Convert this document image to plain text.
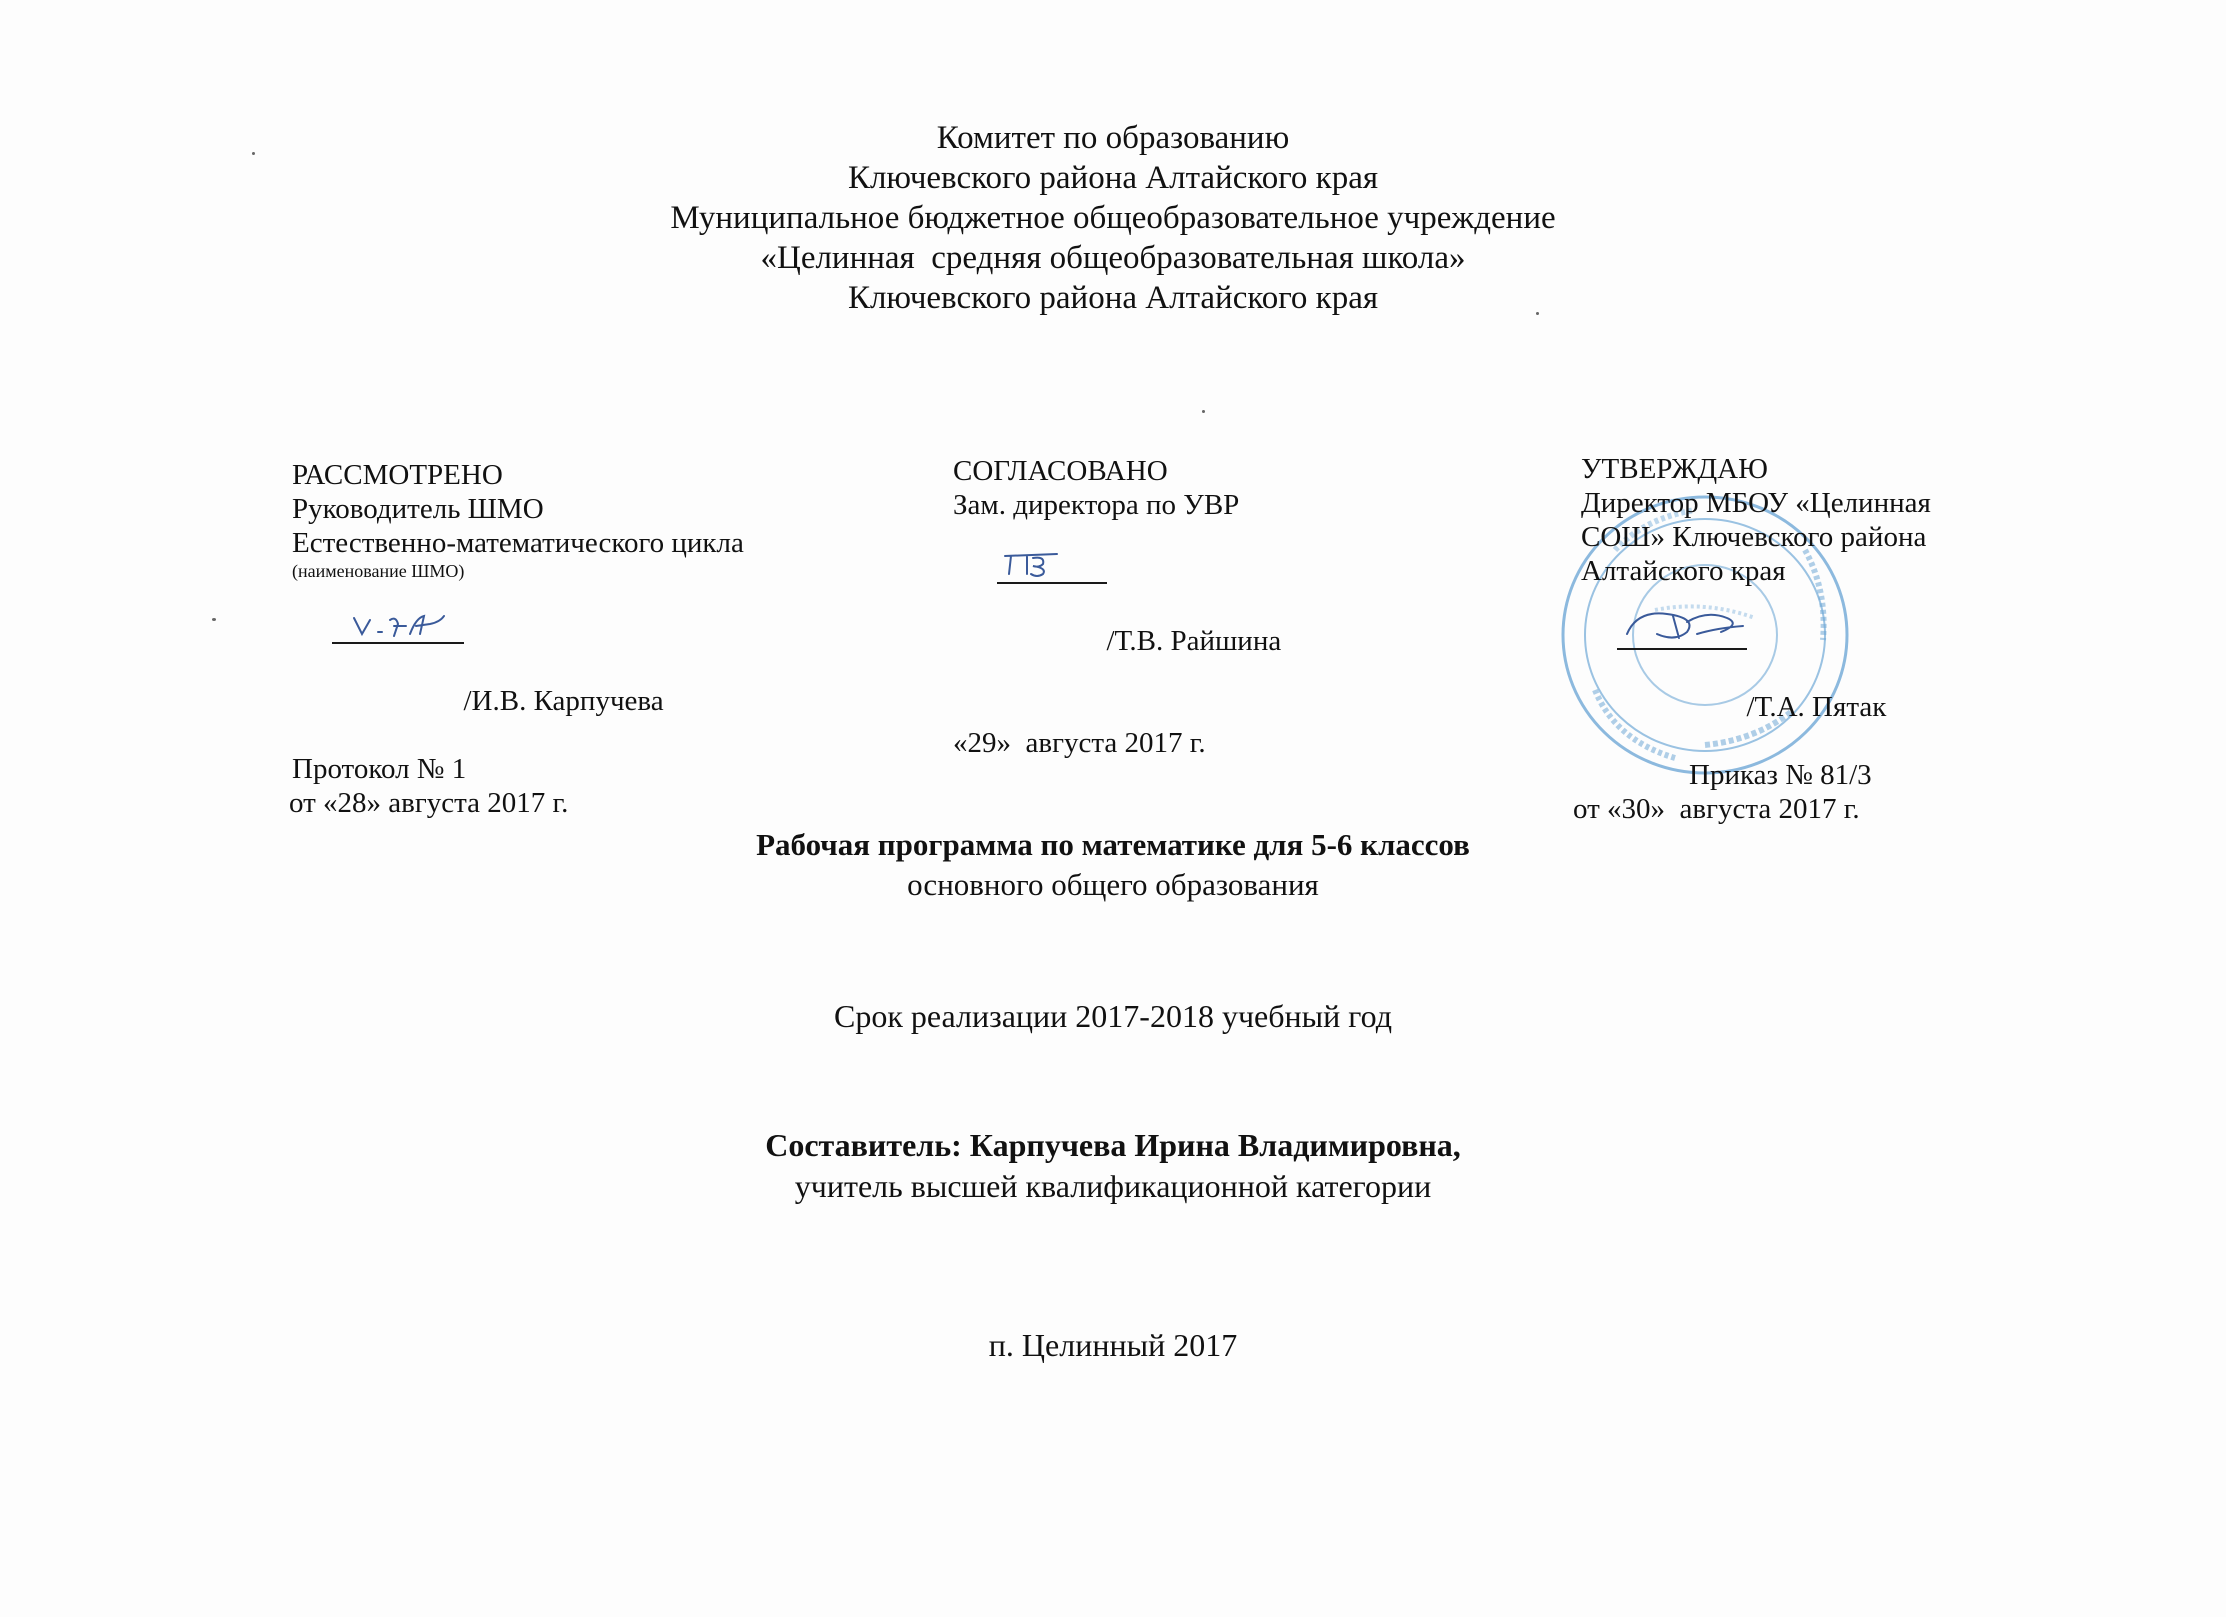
Комитет по образованию
Ключевского района Алтайского края
Муниципальное бюджетное общеобразовательное учреждение
«Целинная  средняя общеобразовательная школа»
Ключевского района Алтайского края
РАССМОТРЕНО
Руководитель ШМО
Естественно-математического цикла
(наименование ШМО)

/И.В. Карпучева

Протокол № 1
от «28» августа 2017 г.
СОГЛАСОВАНО
Зам. директора по УВР

/Т.В. Райшина

«29»  августа 2017 г.
УТВЕРЖДАЮ
Директор МБОУ «Целинная
СОШ» Ключевского района
Алтайского края

/Т.А. Пятак

Приказ № 81/3
от «30»  августа 2017 г.
Рабочая программа по математике для 5-6 классов
основного общего образования
Срок реализации 2017-2018 учебный год
Составитель: Карпучева Ирина Владимировна,
учитель высшей квалификационной категории
п. Целинный 2017
